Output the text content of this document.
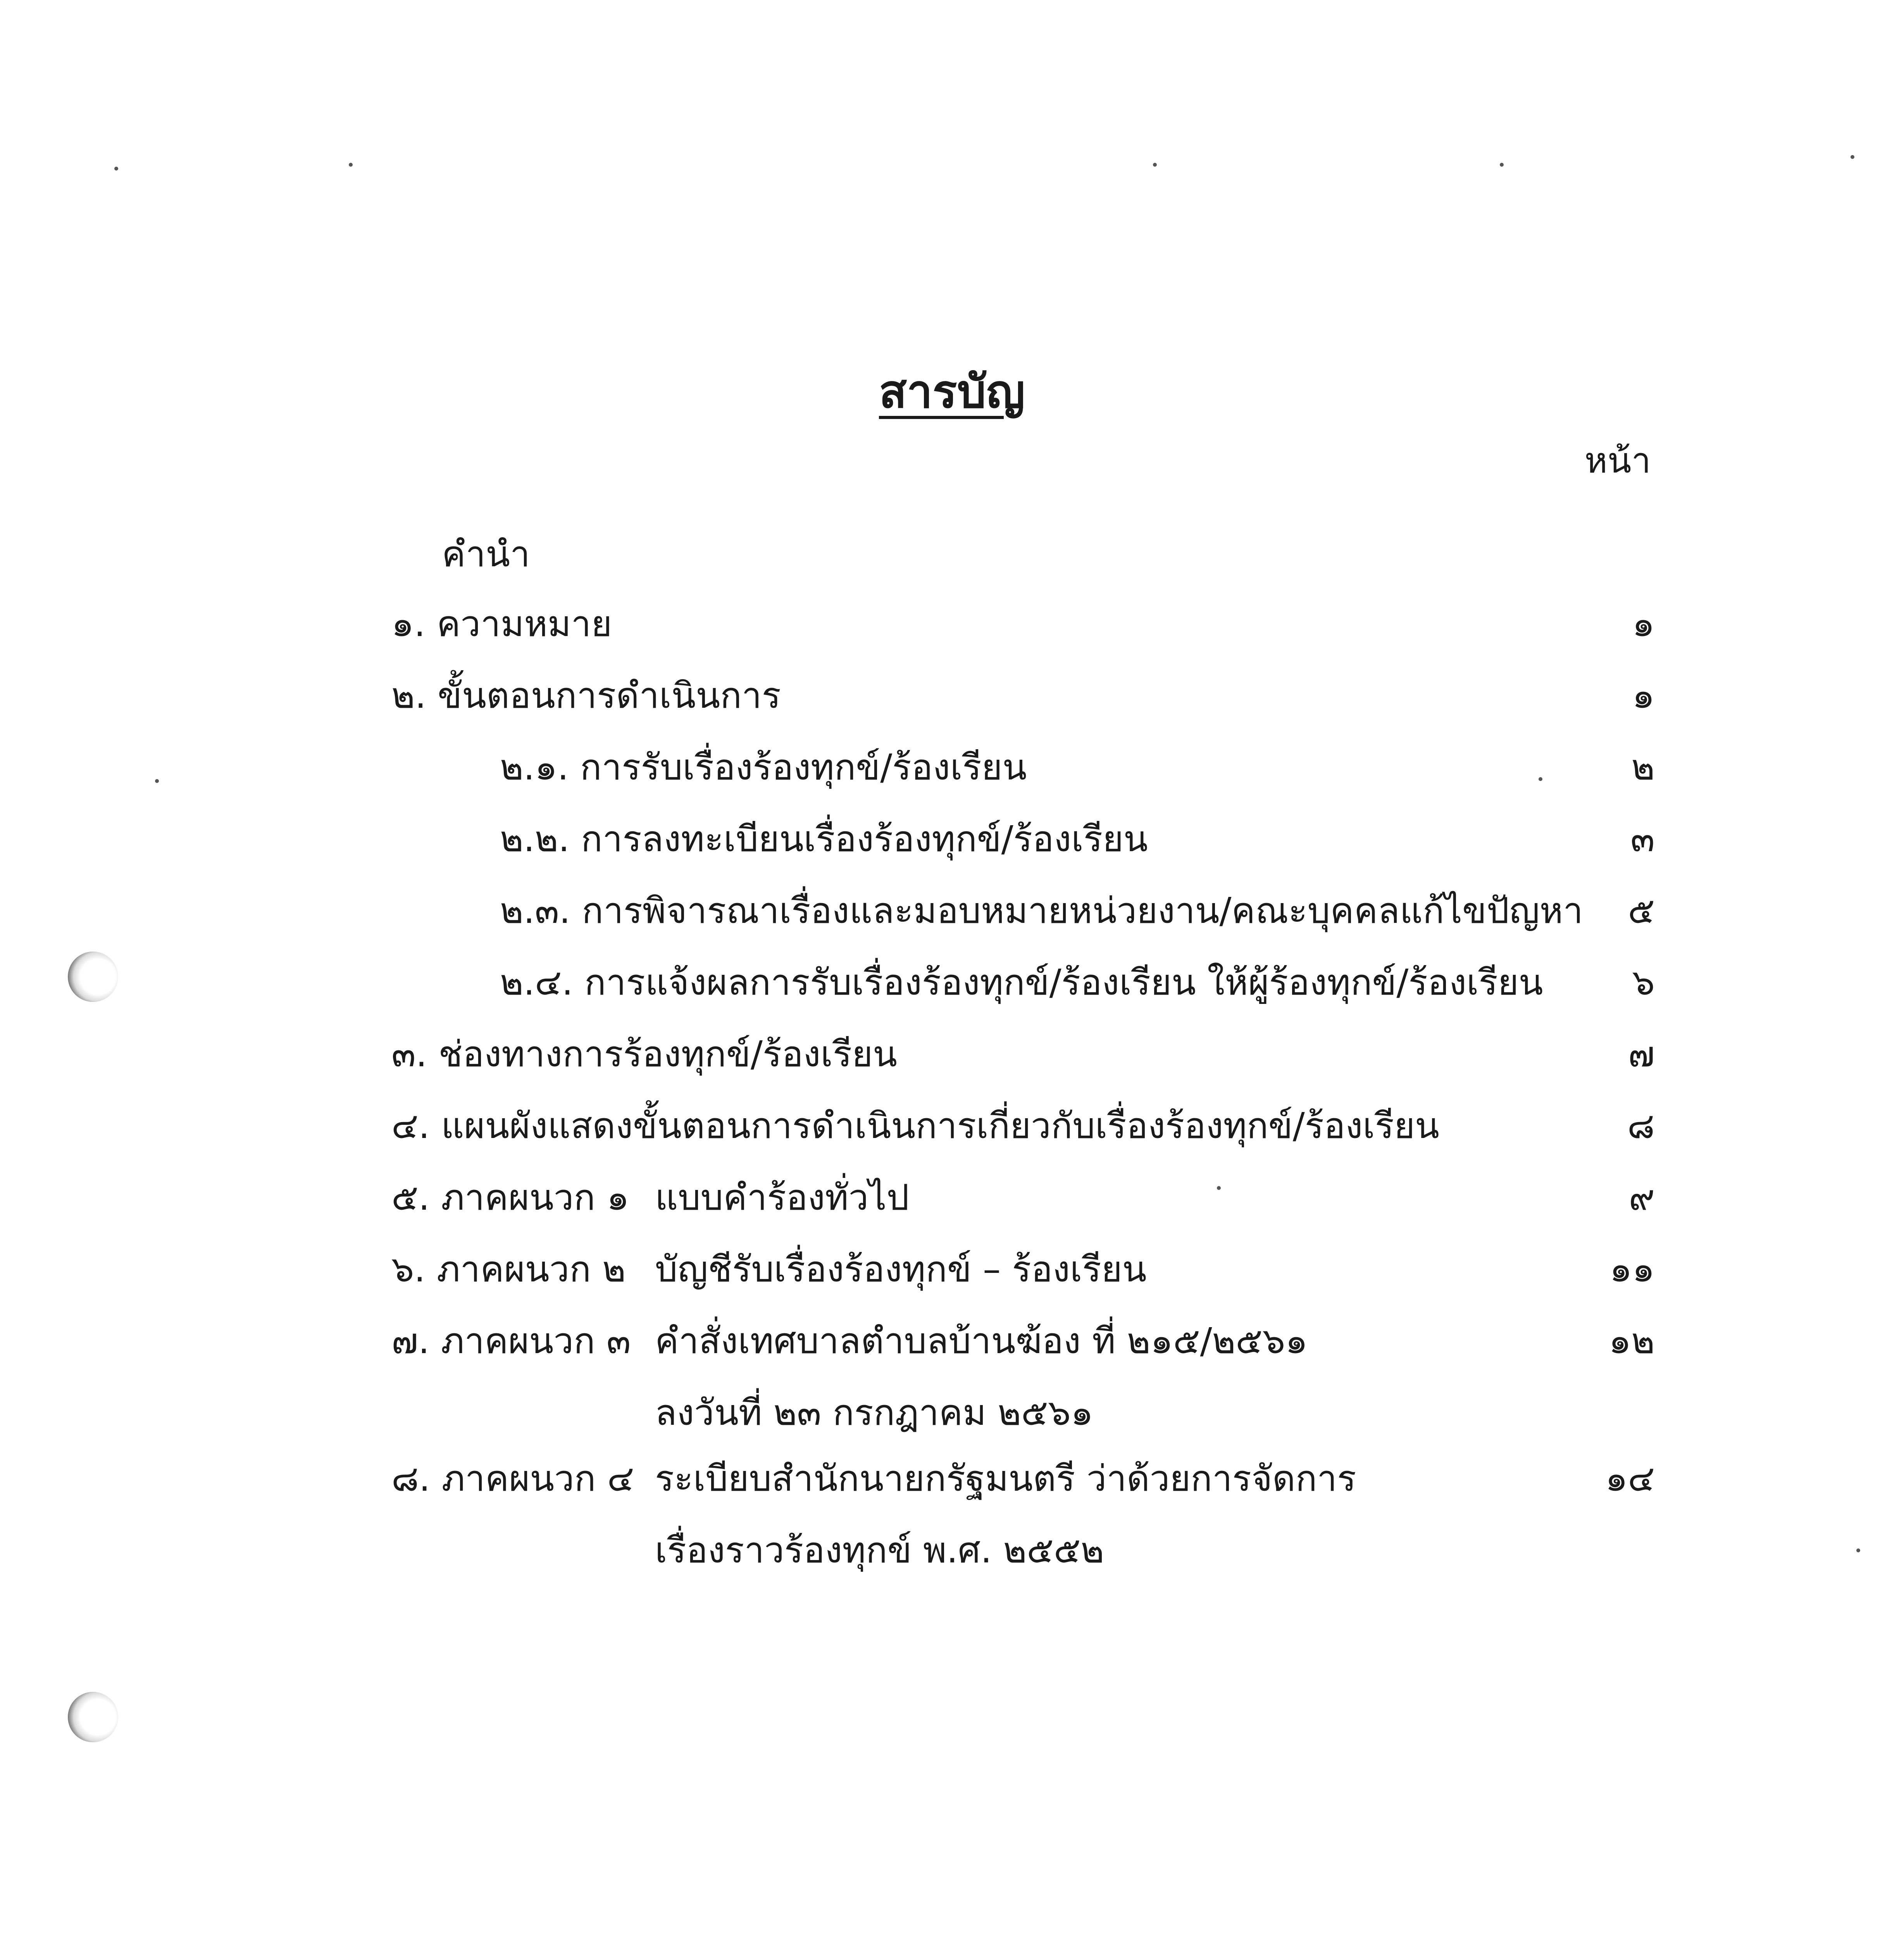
สารบัญ
หน้า
คำนำ
๑. ความหมาย	๑
๒. ขั้นตอนการดำเนินการ	๑
๒.๑. การรับเรื่องร้องทุกข์/ร้องเรียน	๒
๒.๒. การลงทะเบียนเรื่องร้องทุกข์/ร้องเรียน	๓
๒.๓. การพิจารณาเรื่องและมอบหมายหน่วยงาน/คณะบุคคลแก้ไขปัญหา	๕
๒.๔. การแจ้งผลการรับเรื่องร้องทุกข์/ร้องเรียน ให้ผู้ร้องทุกข์/ร้องเรียน	๖
๓. ช่องทางการร้องทุกข์/ร้องเรียน	๗
๔. แผนผังแสดงขั้นตอนการดำเนินการเกี่ยวกับเรื่องร้องทุกข์/ร้องเรียน	๘
๕. ภาคผนวก ๑ แบบคำร้องทั่วไป	๙
๖. ภาคผนวก ๒ บัญชีรับเรื่องร้องทุกข์ – ร้องเรียน	๑๑
๗. ภาคผนวก ๓ คำสั่งเทศบาลตำบลบ้านฆ้อง ที่ ๒๑๕/๒๕๖๑	๑๒
ลงวันที่ ๒๓ กรกฎาคม ๒๕๖๑
๘. ภาคผนวก ๔ ระเบียบสำนักนายกรัฐมนตรี ว่าด้วยการจัดการ	๑๔
เรื่องราวร้องทุกข์ พ.ศ. ๒๕๕๒
